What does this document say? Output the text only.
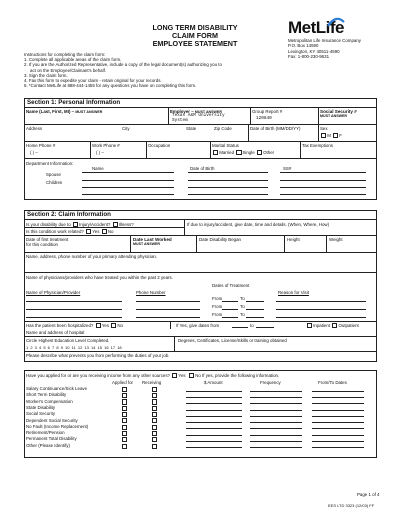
LONG TERM DISABILITY
CLAIM FORM
EMPLOYEE STATEMENT
MetLife
Metropolitan Life Insurance Company
P.O. Box 14590
Lexington, KY 40511-4590
Fax: 1-800-230-9631
Instructions for completing the claim form:
1. Complete all applicable areas of the claim form.
2. If you are the Authorized Representative, include a copy of the legal document(s) authorizing you to
act on the Employee/Claimant's behalf.
3. Sign the claim form.
4. Fax this form to expedite your claim - retain original for your records.
5. *Contact MetLife at 888-444-1455 for any questions you have on completing this form.
Section 1: Personal Information
Name (Last, First, MI) – MUST ANSWER	Employer – MUST ANSWER
Texas A&M University
System
Group Report #
120840
Social Security #
MUST ANSWER
Address	City	State	Zip Code	Date of Birth (MM/DD/YY)	Sex
M F
Home Phone #
( ) –
Work Phone #
( ) –
Occupation	Marital Status
Married Single Other
Tax Exemptions
Department Information:
Name	Date of Birth	SS#
Spouse
Children
Section 2: Claim Information
Is your disability due to Injury/Accident? Illness?	If due to injury/accident, give date, time and details. (When, Where, How)
Is this condition work related? Yes No
Date of first treatment
for this condition
Date Last Worked
MUST ANSWER
Date Disability Began	Height	Weight
Name, address, phone number of your primary attending physician.
Name of physicians/providers who have treated you within the past 2 years.
Dates of Treatment
Name of Physician/Provider	Phone Number	Reason for Visit
From	To
From	To
From	To
Has the patient been hospitalized? Yes No	If Yes, give dates from	to	Inpatient Outpatient
Name and address of hospital
Circle Highest Education Level Completed.
1 2 3 4 5 6 7 8 9 10 11 12 13 14 15 16 17 18
Degrees, Certificates, License/Skills or training obtained
Please describe what prevents you from performing the duties of your job.
Have you applied for or are you receiving income from any other sources? Yes No If yes, provide the following information.
Applied for Receiving	$ Amount	Frequency	From/To Dates
Salary Continuance/Sick Leave
Short Term Disability
Worker's Compensation
State Disability
Social Security
Dependent Social Security
No Fault (Income Replacement)
Retirement/Pension
Permanent Total Disability
Other (Please Identify)
Page 1 of 4
EES LTD 3323 (12/03) FF
